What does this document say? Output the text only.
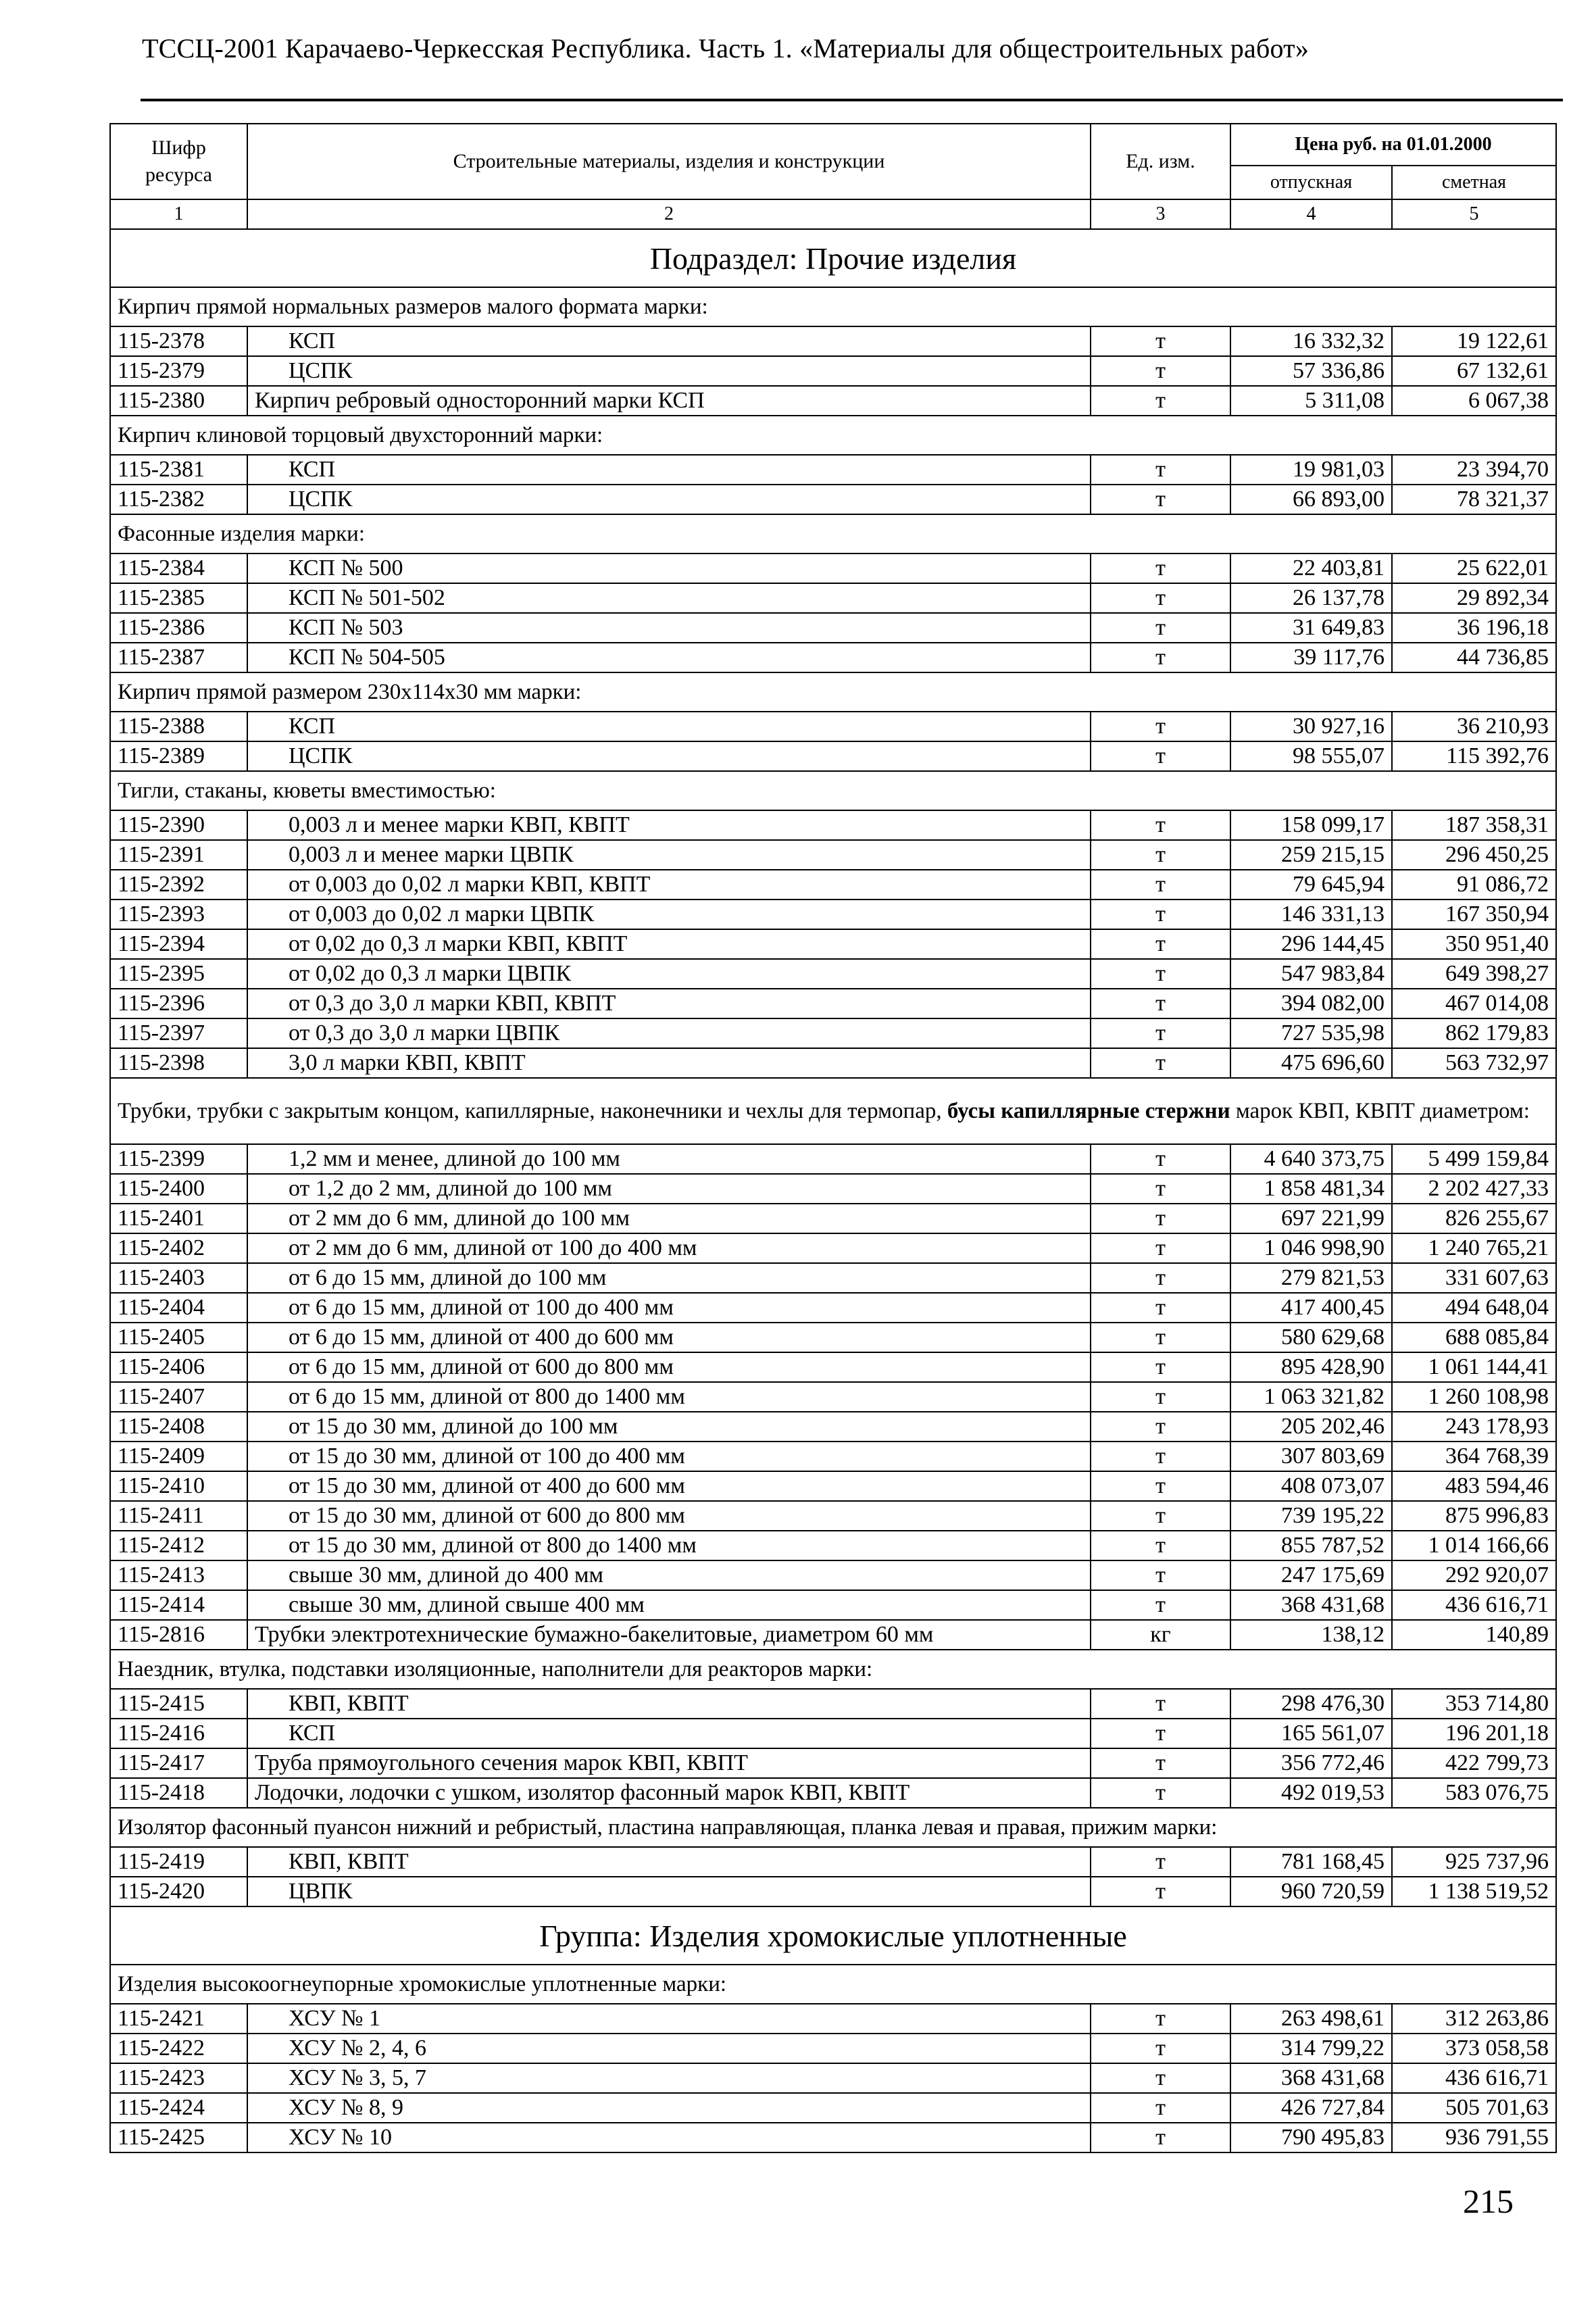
ТССЦ-2001 Карачаево-Черкесская Республика. Часть 1. «Материалы для общестроительных работ»
Шифр ресурса	Строительные материалы, изделия и конструкции	Ед. изм.	Цена руб. на 01.01.2000	
			отпускная	сметная
1	2	3	4	5
Подраздел: Прочие изделия				
Кирпич прямой нормальных размеров малого формата марки:				
115-2378	КСП	т	16 332,32	19 122,61
115-2379	ЦСПК	т	57 336,86	67 132,61
115-2380	Кирпич ребровый односторонний марки КСП	т	5 311,08	6 067,38
Кирпич клиновой торцовый двухсторонний марки:				
115-2381	КСП	т	19 981,03	23 394,70
115-2382	ЦСПК	т	66 893,00	78 321,37
Фасонные изделия марки:				
115-2384	КСП № 500	т	22 403,81	25 622,01
115-2385	КСП № 501-502	т	26 137,78	29 892,34
115-2386	КСП № 503	т	31 649,83	36 196,18
115-2387	КСП № 504-505	т	39 117,76	44 736,85
Кирпич прямой размером 230х114х30 мм марки:				
115-2388	КСП	т	30 927,16	36 210,93
115-2389	ЦСПК	т	98 555,07	115 392,76
Тигли, стаканы, кюветы вместимостью:				
115-2390	0,003 л и менее марки КВП, КВПТ	т	158 099,17	187 358,31
115-2391	0,003 л и менее марки ЦВПК	т	259 215,15	296 450,25
115-2392	от 0,003 до 0,02 л марки КВП, КВПТ	т	79 645,94	91 086,72
115-2393	от 0,003 до 0,02 л марки ЦВПК	т	146 331,13	167 350,94
115-2394	от 0,02 до 0,3 л марки КВП, КВПТ	т	296 144,45	350 951,40
115-2395	от 0,02 до 0,3 л марки ЦВПК	т	547 983,84	649 398,27
115-2396	от 0,3 до 3,0 л марки КВП, КВПТ	т	394 082,00	467 014,08
115-2397	от 0,3 до 3,0 л марки ЦВПК	т	727 535,98	862 179,83
115-2398	3,0 л марки КВП, КВПТ	т	475 696,60	563 732,97
Трубки, трубки с закрытым концом, капиллярные, наконечники и чехлы для термопар, бусы капиллярные стержни марок КВП, КВПТ диаметром:				
115-2399	1,2 мм и менее, длиной до 100 мм	т	4 640 373,75	5 499 159,84
115-2400	от 1,2 до 2 мм, длиной до 100 мм	т	1 858 481,34	2 202 427,33
115-2401	от 2 мм до 6 мм, длиной до 100 мм	т	697 221,99	826 255,67
115-2402	от 2 мм до 6 мм, длиной от 100 до 400 мм	т	1 046 998,90	1 240 765,21
115-2403	от 6 до 15 мм, длиной до 100 мм	т	279 821,53	331 607,63
115-2404	от 6 до 15 мм, длиной от 100 до 400 мм	т	417 400,45	494 648,04
115-2405	от 6 до 15 мм, длиной от 400 до 600 мм	т	580 629,68	688 085,84
115-2406	от 6 до 15 мм, длиной от 600 до 800 мм	т	895 428,90	1 061 144,41
115-2407	от 6 до 15 мм, длиной от 800 до 1400 мм	т	1 063 321,82	1 260 108,98
115-2408	от 15 до 30 мм, длиной до 100 мм	т	205 202,46	243 178,93
115-2409	от 15 до 30 мм, длиной от 100 до 400 мм	т	307 803,69	364 768,39
115-2410	от 15 до 30 мм, длиной от 400 до 600 мм	т	408 073,07	483 594,46
115-2411	от 15 до 30 мм, длиной от 600 до 800 мм	т	739 195,22	875 996,83
115-2412	от 15 до 30 мм, длиной от 800 до 1400 мм	т	855 787,52	1 014 166,66
115-2413	свыше 30 мм, длиной до 400 мм	т	247 175,69	292 920,07
115-2414	свыше 30 мм, длиной свыше 400 мм	т	368 431,68	436 616,71
115-2816	Трубки электротехнические бумажно-бакелитовые, диаметром 60 мм	кг	138,12	140,89
Наездник, втулка, подставки изоляционные, наполнители для реакторов марки:				
115-2415	КВП, КВПТ	т	298 476,30	353 714,80
115-2416	КСП	т	165 561,07	196 201,18
115-2417	Труба прямоугольного сечения марок КВП, КВПТ	т	356 772,46	422 799,73
115-2418	Лодочки, лодочки с ушком, изолятор фасонный марок КВП, КВПТ	т	492 019,53	583 076,75
Изолятор фасонный пуансон нижний и ребристый, пластина направляющая, планка левая и правая, прижим марки:				
115-2419	КВП, КВПТ	т	781 168,45	925 737,96
115-2420	ЦВПК	т	960 720,59	1 138 519,52
Группа: Изделия хромокислые уплотненные				
Изделия высокоогнеупорные хромокислые уплотненные марки:				
115-2421	ХСУ № 1	т	263 498,61	312 263,86
115-2422	ХСУ № 2, 4, 6	т	314 799,22	373 058,58
115-2423	ХСУ № 3, 5, 7	т	368 431,68	436 616,71
115-2424	ХСУ № 8, 9	т	426 727,84	505 701,63
115-2425	ХСУ № 10	т	790 495,83	936 791,55
215
